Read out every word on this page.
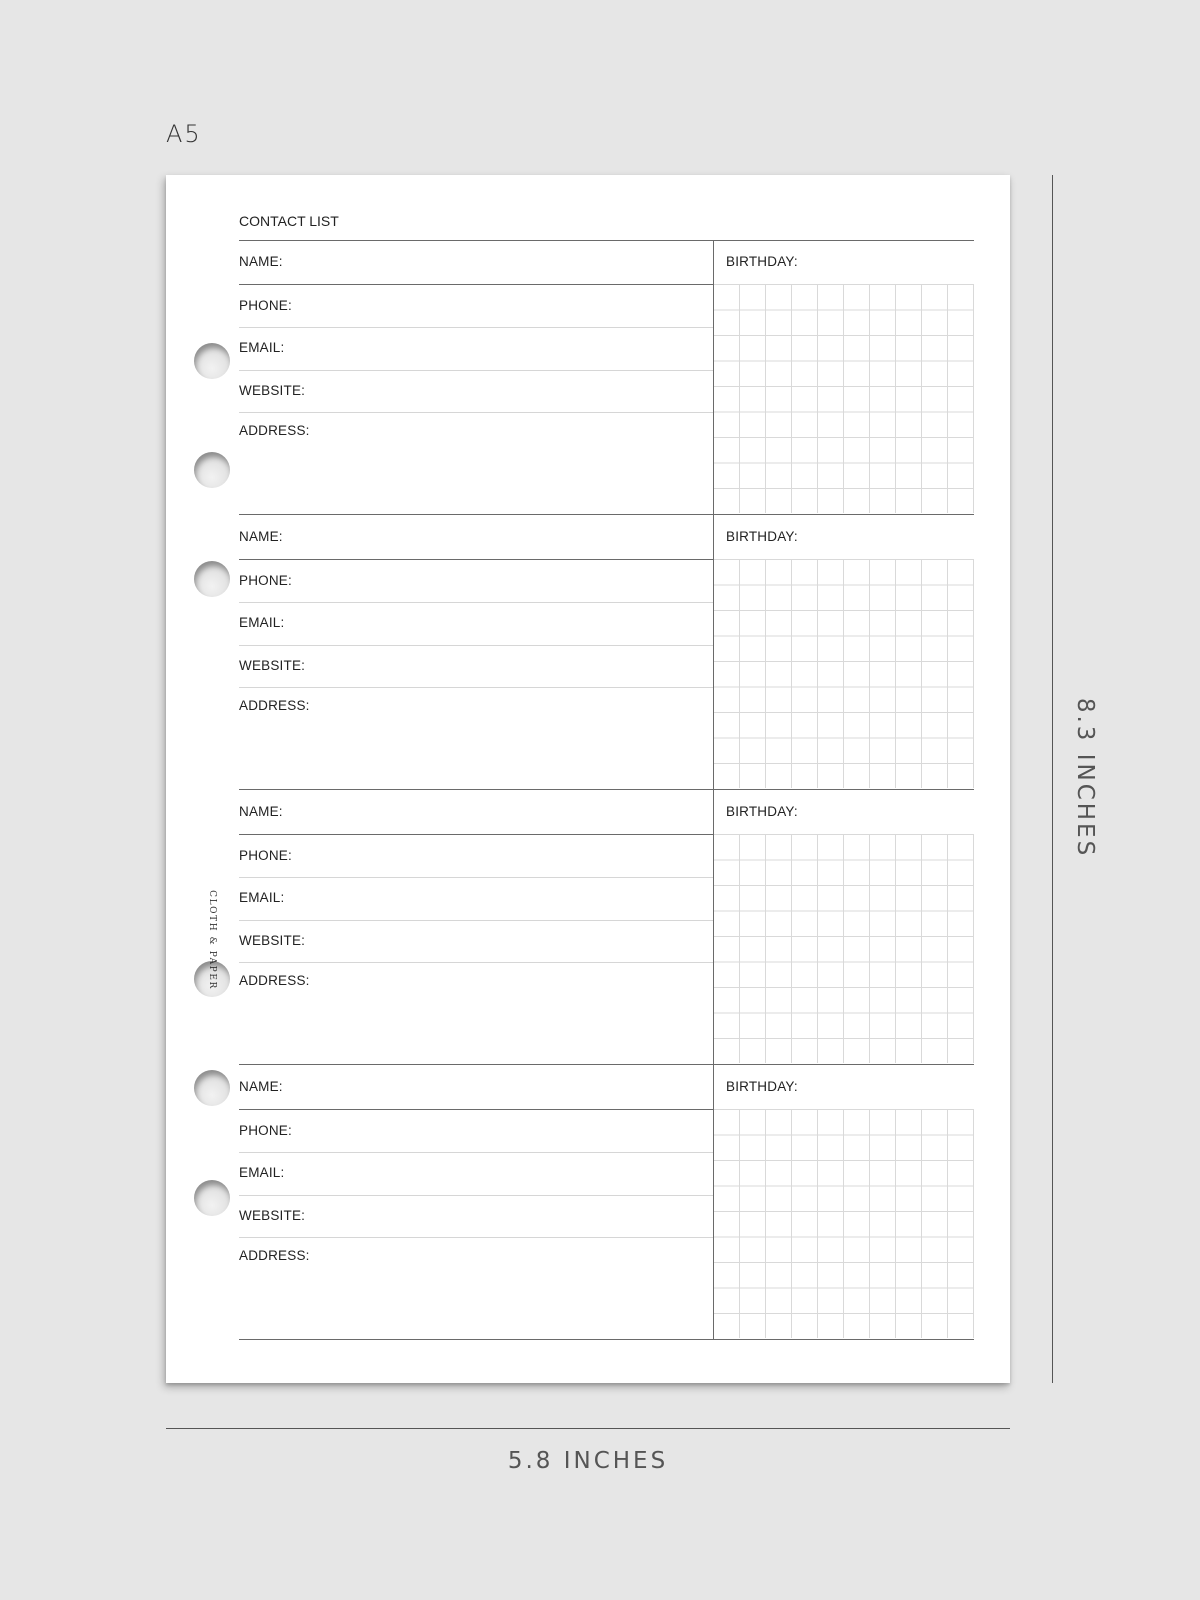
A5
CLOTH & PAPER
CONTACT LIST
NAME:	BIRTHDAY:
PHONE:
EMAIL:
WEBSITE:
ADDRESS:
NAME:	BIRTHDAY:
PHONE:
EMAIL:
WEBSITE:
ADDRESS:
NAME:	BIRTHDAY:
PHONE:
EMAIL:
WEBSITE:
ADDRESS:
NAME:	BIRTHDAY:
PHONE:
EMAIL:
WEBSITE:
ADDRESS:
8.3 INCHES
5.8 INCHES
